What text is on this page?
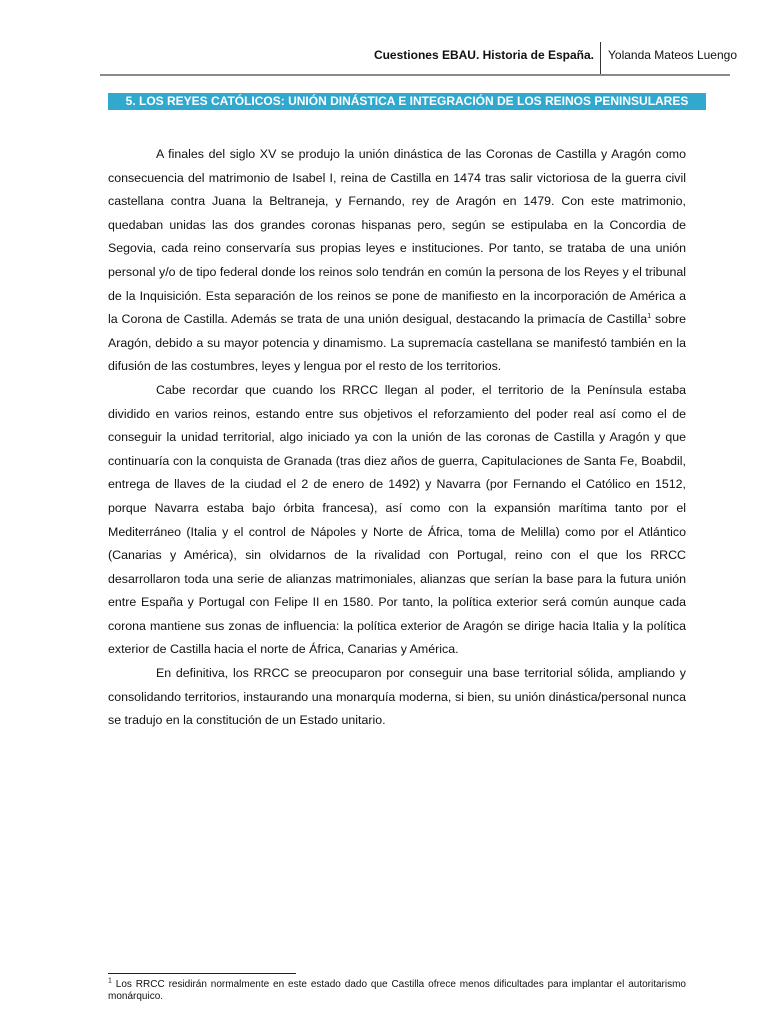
Cuestiones EBAU. Historia de España. Yolanda Mateos Luengo
5. LOS REYES CATÓLICOS: UNIÓN DINÁSTICA E INTEGRACIÓN DE LOS REINOS PENINSULARES

A finales del siglo XV se produjo la unión dinástica de las Coronas de Castilla y Aragón como consecuencia del matrimonio de Isabel I, reina de Castilla en 1474 tras salir victoriosa de la guerra civil castellana contra Juana la Beltraneja, y Fernando, rey de Aragón en 1479. Con este matrimonio, quedaban unidas las dos grandes coronas hispanas pero, según se estipulaba en la Concordia de Segovia, cada reino conservaría sus propias leyes e instituciones. Por tanto, se trataba de una unión personal y/o de tipo federal donde los reinos solo tendrán en común la persona de los Reyes y el tribunal de la Inquisición. Esta separación de los reinos se pone de manifiesto en la incorporación de América a la Corona de Castilla. Además se trata de una unión desigual, destacando la primacía de Castilla$^1$ sobre Aragón, debido a su mayor potencia y dinamismo. La supremacía castellana se manifestó también en la difusión de las costumbres, leyes y lengua por el resto de los territorios.

Cabe recordar que cuando los RRCC llegan al poder, el territorio de la Península estaba dividido en varios reinos, estando entre sus objetivos el reforzamiento del poder real así como el de conseguir la unidad territorial, algo iniciado ya con la unión de las coronas de Castilla y Aragón y que continuaría con la conquista de Granada (tras diez años de guerra, Capitulaciones de Santa Fe, Boabdil, entrega de llaves de la ciudad el 2 de enero de 1492) y Navarra (por Fernando el Católico en 1512, porque Navarra estaba bajo órbita francesa), así como con la expansión marítima tanto por el Mediterráneo (Italia y el control de Nápoles y Norte de África, toma de Melilla) como por el Atlántico (Canarias y América), sin olvidarnos de la rivalidad con Portugal, reino con el que los RRCC desarrollaron toda una serie de alianzas matrimoniales, alianzas que serían la base para la futura unión entre España y Portugal con Felipe II en 1580. Por tanto, la política exterior será común aunque cada corona mantiene sus zonas de influencia: la política exterior de Aragón se dirige hacia Italia y la política exterior de Castilla hacia el norte de África, Canarias y América.

En definitiva, los RRCC se preocuparon por conseguir una base territorial sólida, ampliando y consolidando territorios, instaurando una monarquía moderna, si bien, su unión dinástica/personal nunca se tradujo en la constitución de un Estado unitario.

$^1$ Los RRCC residirán normalmente en este estado dado que Castilla ofrece menos dificultades para implantar el autoritarismo monárquico.
